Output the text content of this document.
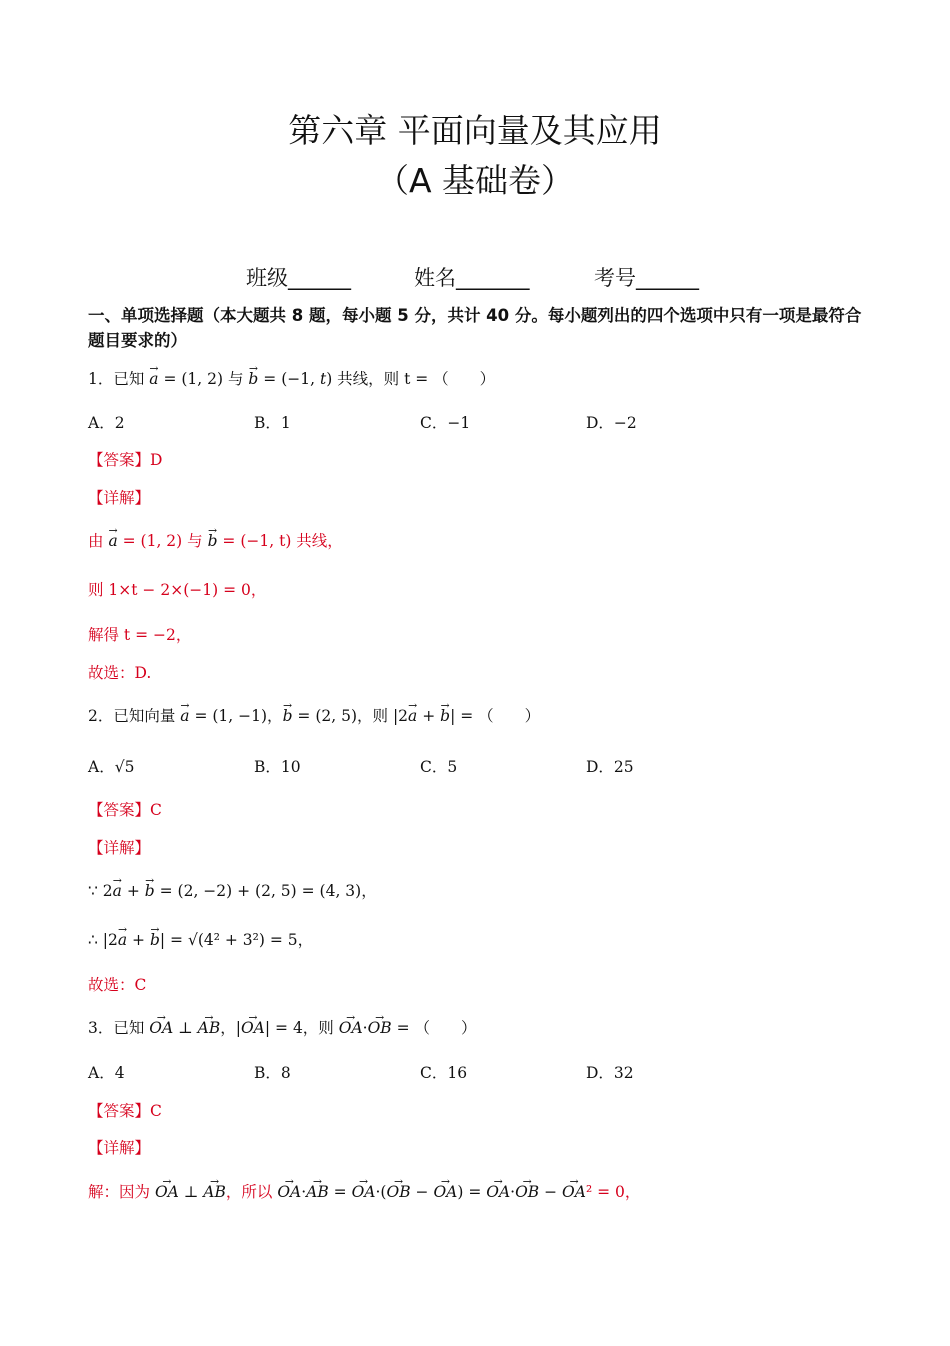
第六章 平面向量及其应用
（A 基础卷）
班级______	姓名_______	考号______
一、单项选择题（本大题共 8 题，每小题 5 分，共计 40 分。每小题列出的四个选项中只有一项是最符合题目要求的）
1．已知 → a = (1, 2) 与 → b = (−1, t) 共线，则 t = （　　）
A．2	B．1	C．−1	D．−2
【答案】D
【详解】
由 → a = (1, 2) 与 → b = (−1, t) 共线，
则 1×t − 2×(−1) = 0，
解得 t = −2，
故选：D.
2．已知向量 → a = (1, −1)，→ b = (2, 5)，则 |2→ a + → b| = （　　）
A．√5	B．10	C．5	D．25
【答案】C
【详解】
∵ 2→ a + → b = (2, −2) + (2, 5) = (4, 3)，
∴ |2→ a + → b| = √(4² + 3²) = 5，
故选：C
3．已知 → OA ⊥ → AB，|→ OA| = 4，则 → OA·→ OB = （　　）
A．4	B．8	C．16	D．32
【答案】C
【详解】
解：因为 → OA ⊥ → AB，所以 → OA·→ AB = → OA·(→ OB − → OA) = → OA·→ OB − → OA² = 0，
